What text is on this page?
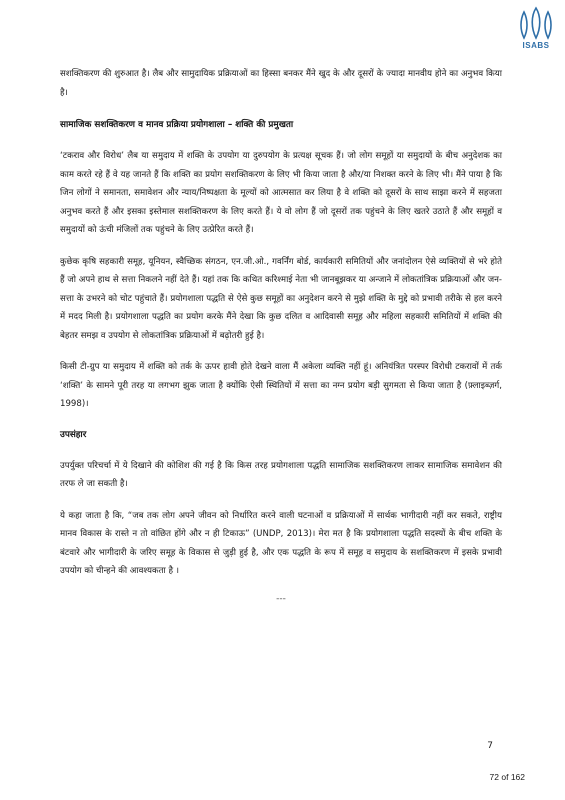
ISABS

सशक्तिकरण की शुरुआत है। लैब और सामुदायिक प्रक्रियाओं का हिस्सा बनकर मैंने खुद के और दूसरों के ज्यादा मानवीय होने का अनुभव किया है।

सामाजिक सशक्तिकरण व मानव प्रक्रिया प्रयोगशाला – शक्ति की प्रमुखता

‘टकराव और विरोध’ लैब या समुदाय में शक्ति के उपयोग या दुरुपयोग के प्रत्यक्ष सूचक हैं। जो लोग समूहों या समुदायों के बीच अनुदेशक का काम करते रहे हैं वे यह जानते हैं कि शक्ति का प्रयोग सशक्तिकरण के लिए भी किया जाता है और/या निशक्त करने के लिए भी। मैंने पाया है कि जिन लोगों ने समानता, समावेशन और न्याय/निष्पक्षता के मूल्यों को आत्मसात कर लिया है वे शक्ति को दूसरों के साथ साझा करने में सहजता अनुभव करते हैं और इसका इस्तेमाल सशक्तिकरण के लिए करते हैं। ये वो लोग हैं जो दूसरों तक पहुंचने के लिए खतरे उठाते हैं और समूहों व समुदायों को ऊंची मंजिलों तक पहुंचने के लिए उत्प्रेरित करते हैं।

कुछेक कृषि सहकारी समूह, यूनियन, स्वैच्छिक संगठन, एन.जी.ओ., गवर्निंग बोर्ड, कार्यकारी समितियों और जनांदोलन ऐसे व्यक्तियों से भरे होते हैं जो अपने हाथ से सत्ता निकलने नहीं देते हैं। यहां तक कि कथित करिश्माई नेता भी जानबूझकर या अन्जाने में लोकतांत्रिक प्रक्रियाओं और जन-सत्ता के उभरने को चोट पहुंचाते हैं। प्रयोगशाला पद्धति से ऐसे कुछ समूहों का अनुदेशन करने से मुझे शक्ति के मुद्दे को प्रभावी तरीके से हल करने में मदद मिली है। प्रयोगशाला पद्धति का प्रयोग करके मैंने देखा कि कुछ दलित व आदिवासी समूह और महिला सहकारी समितियों में शक्ति की बेहतर समझ व उपयोग से लोकतांत्रिक प्रक्रियाओं में बढ़ोतरी हुई है।

किसी टी-ग्रुप या समुदाय में शक्ति को तर्क के ऊपर हावी होते देखने वाला मैं अकेला व्यक्ति नहीं हूं। अनियंत्रित परस्पर विरोधी टकरावों में तर्क ‘शक्ति’ के सामने पूरी तरह या लगभग झुक जाता है क्योंकि ऐसी स्थितियों में सत्ता का नग्न प्रयोग बड़ी सुगमता से किया जाता है (फ़्लाइब्ज़र्ग, 1998)।

उपसंहार

उपर्युक्त परिचर्चा में ये दिखाने की कोशिश की गई है कि किस तरह प्रयोगशाला पद्धति सामाजिक सशक्तिकरण लाकर सामाजिक समावेशन की तरफ ले जा सकती है।

ये कहा जाता है कि, “जब तक लोग अपने जीवन को निर्धारित करने वाली घटनाओं व प्रक्रियाओं में सार्थक भागीदारी नहीं कर सकते, राष्ट्रीय मानव विकास के रास्ते न तो वांछित होंगे और न ही टिकाऊ” (UNDP, 2013)। मेरा मत है कि प्रयोगशाला पद्धति सदस्यों के बीच शक्ति के बंटवारे और भागीदारी के जरिए समूह के विकास से जुड़ी हुई है, और एक पद्धति के रूप में समूह व समुदाय के सशक्तिकरण में इसके प्रभावी उपयोग को चीन्हने की आवश्यकता है ।

---
7
72 of 162
